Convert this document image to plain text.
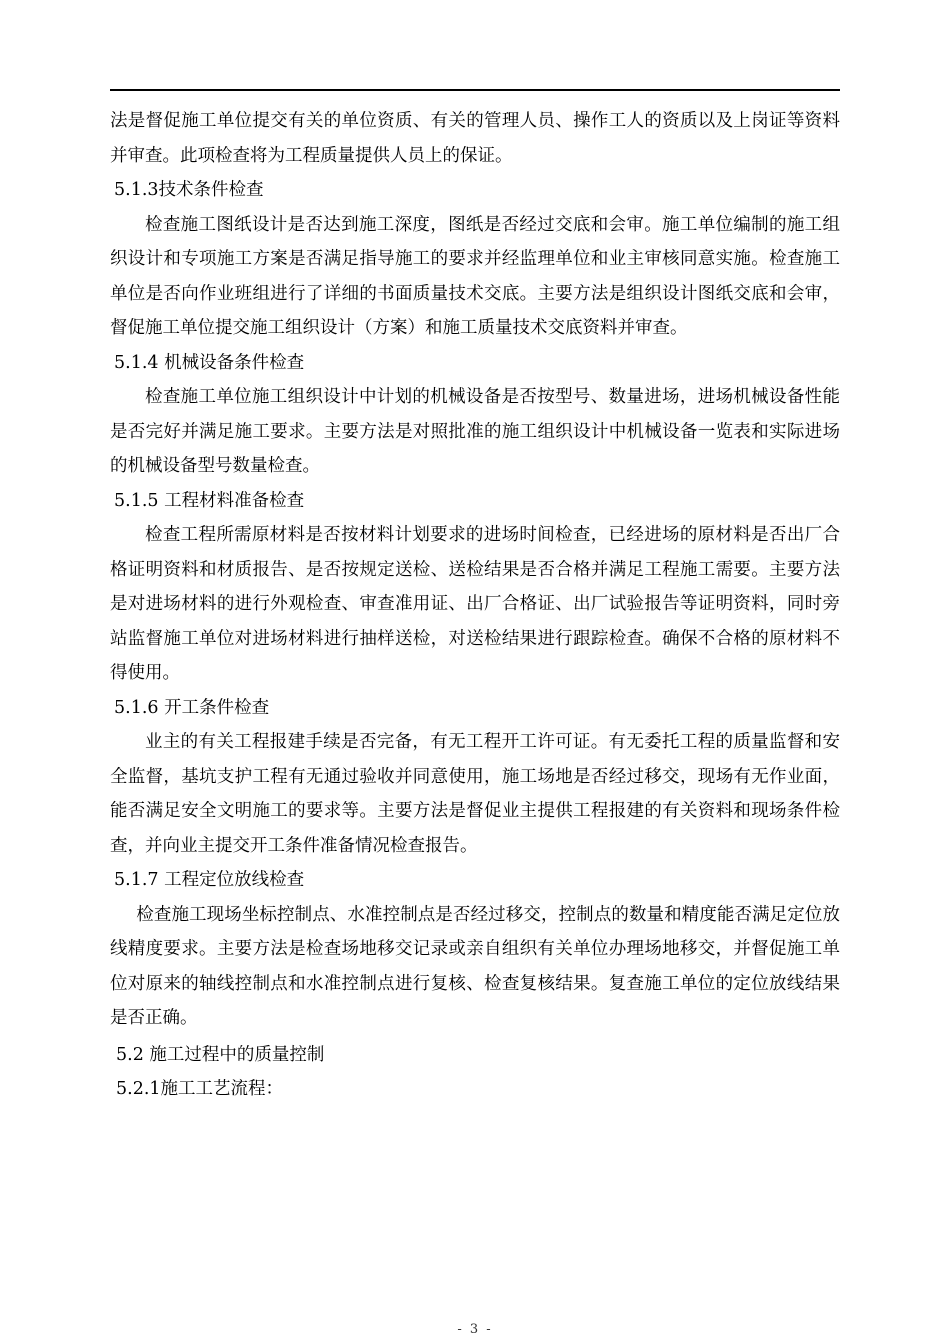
法是督促施工单位提交有关的单位资质、有关的管理人员、操作工人的资质以及上岗证等资料并审查。此项检查将为工程质量提供人员上的保证。

5.1.3技术条件检查

检查施工图纸设计是否达到施工深度，图纸是否经过交底和会审。施工单位编制的施工组织设计和专项施工方案是否满足指导施工的要求并经监理单位和业主审核同意实施。检查施工单位是否向作业班组进行了详细的书面质量技术交底。主要方法是组织设计图纸交底和会审，督促施工单位提交施工组织设计（方案）和施工质量技术交底资料并审查。

5.1.4 机械设备条件检查

检查施工单位施工组织设计中计划的机械设备是否按型号、数量进场，进场机械设备性能是否完好并满足施工要求。主要方法是对照批准的施工组织设计中机械设备一览表和实际进场的机械设备型号数量检查。

5.1.5 工程材料准备检查

检查工程所需原材料是否按材料计划要求的进场时间检查，已经进场的原材料是否出厂合格证明资料和材质报告、是否按规定送检、送检结果是否合格并满足工程施工需要。主要方法是对进场材料的进行外观检查、审查准用证、出厂合格证、出厂试验报告等证明资料，同时旁站监督施工单位对进场材料进行抽样送检，对送检结果进行跟踪检查。确保不合格的原材料不得使用。

5.1.6 开工条件检查

业主的有关工程报建手续是否完备，有无工程开工许可证。有无委托工程的质量监督和安全监督，基坑支护工程有无通过验收并同意使用，施工场地是否经过移交，现场有无作业面，能否满足安全文明施工的要求等。主要方法是督促业主提供工程报建的有关资料和现场条件检查，并向业主提交开工条件准备情况检查报告。

5.1.7 工程定位放线检查

检查施工现场坐标控制点、水准控制点是否经过移交，控制点的数量和精度能否满足定位放线精度要求。主要方法是检查场地移交记录或亲自组织有关单位办理场地移交，并督促施工单位对原来的轴线控制点和水准控制点进行复核、检查复核结果。复查施工单位的定位放线结果是否正确。

5.2 施工过程中的质量控制

5.2.1施工工艺流程：

- 3 -
